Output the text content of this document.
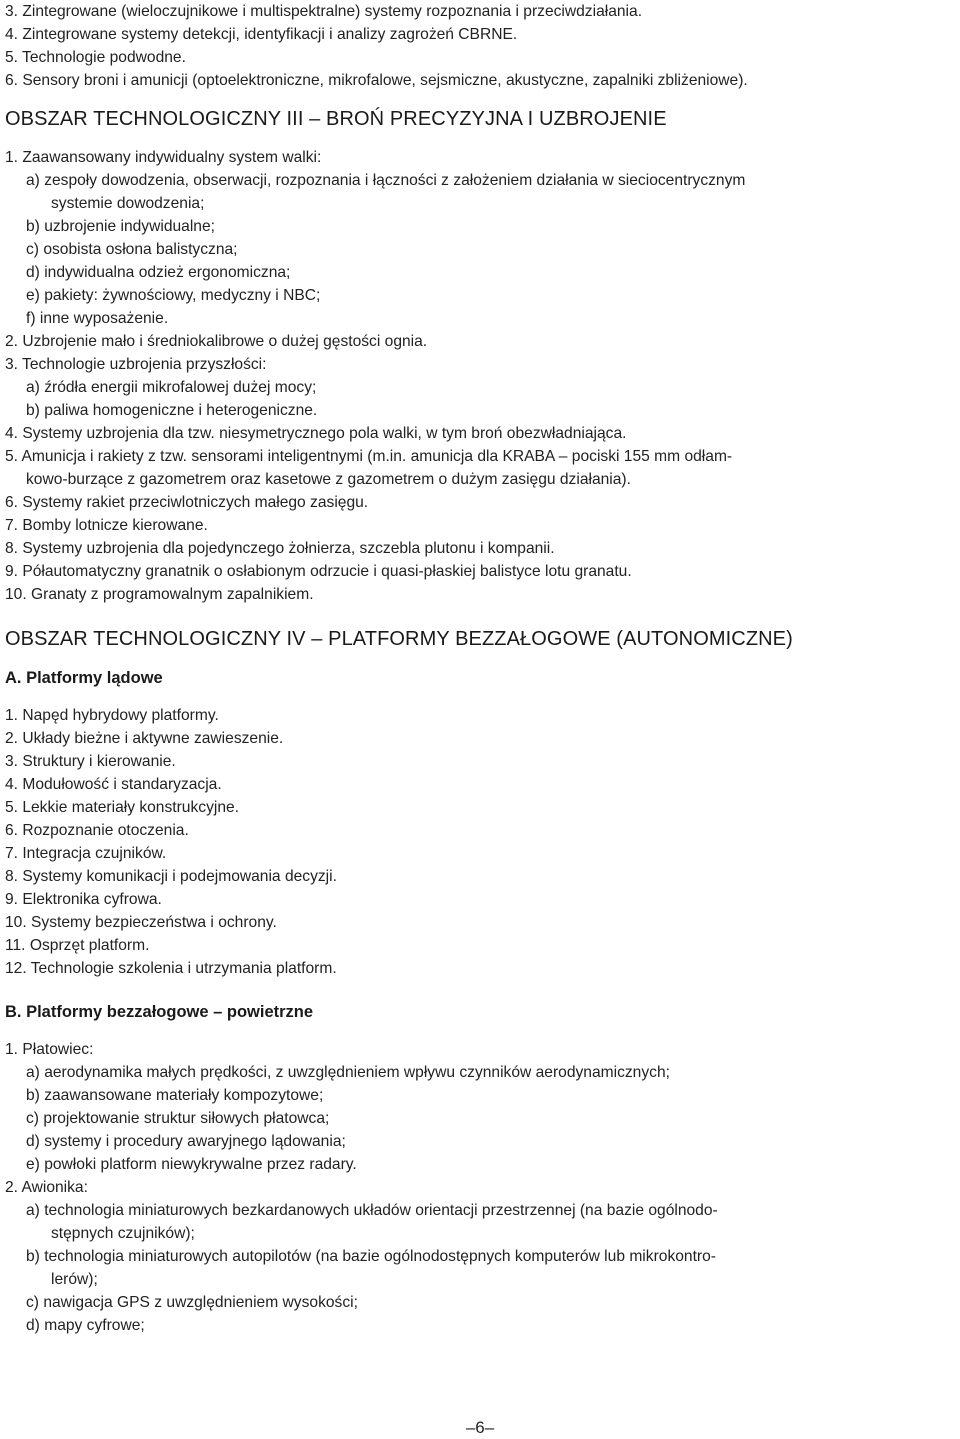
3. Zintegrowane (wieloczujnikowe i multispektralne) systemy rozpoznania i przeciwdziałania.
4. Zintegrowane systemy detekcji, identyfikacji i analizy zagrożeń CBRNE.
5. Technologie podwodne.
6. Sensory broni i amunicji (optoelektroniczne, mikrofalowe, sejsmiczne, akustyczne, zapalniki zbliżeniowe).
OBSZAR TECHNOLOGICZNY III – BROŃ PRECYZYJNA I UZBROJENIE
1. Zaawansowany indywidualny system walki:
a) zespoły dowodzenia, obserwacji, rozpoznania i łączności z założeniem działania w sieciocentrycznym
systemie dowodzenia;
b) uzbrojenie indywidualne;
c) osobista osłona balistyczna;
d) indywidualna odzież ergonomiczna;
e) pakiety: żywnościowy, medyczny i NBC;
f) inne wyposażenie.
2. Uzbrojenie mało i średniokalibrowe o dużej gęstości ognia.
3. Technologie uzbrojenia przyszłości:
a) źródła energii mikrofalowej dużej mocy;
b) paliwa homogeniczne i heterogeniczne.
4. Systemy uzbrojenia dla tzw. niesymetrycznego pola walki, w tym broń obezwładniająca.
5. Amunicja i rakiety z tzw. sensorami inteligentnymi (m.in. amunicja dla KRABA – pociski 155 mm odłam-
kowo-burzące z gazometrem oraz kasetowe z gazometrem o dużym zasięgu działania).
6. Systemy rakiet przeciwlotniczych małego zasięgu.
7. Bomby lotnicze kierowane.
8. Systemy uzbrojenia dla pojedynczego żołnierza, szczebla plutonu i kompanii.
9. Półautomatyczny granatnik o osłabionym odrzucie i quasi-płaskiej balistyce lotu granatu.
10. Granaty z programowalnym zapalnikiem.
OBSZAR TECHNOLOGICZNY IV – PLATFORMY BEZZAŁOGOWE (AUTONOMICZNE)
A. Platformy lądowe
1. Napęd hybrydowy platformy.
2. Układy bieżne i aktywne zawieszenie.
3. Struktury i kierowanie.
4. Modułowość i standaryzacja.
5. Lekkie materiały konstrukcyjne.
6. Rozpoznanie otoczenia.
7. Integracja czujników.
8. Systemy komunikacji i podejmowania decyzji.
9. Elektronika cyfrowa.
10. Systemy bezpieczeństwa i ochrony.
11. Osprzęt platform.
12. Technologie szkolenia i utrzymania platform.
B. Platformy bezzałogowe – powietrzne
1. Płatowiec:
a) aerodynamika małych prędkości, z uwzględnieniem wpływu czynników aerodynamicznych;
b) zaawansowane materiały kompozytowe;
c) projektowanie struktur siłowych płatowca;
d) systemy i procedury awaryjnego lądowania;
e) powłoki platform niewykrywalne przez radary.
2. Awionika:
a) technologia miniaturowych bezkardanowych układów orientacji przestrzennej (na bazie ogólnodo-
stępnych czujników);
b) technologia miniaturowych autopilotów (na bazie ogólnodostępnych komputerów lub mikrokontro-
lerów);
c) nawigacja GPS z uwzględnieniem wysokości;
d) mapy cyfrowe;
–6–
